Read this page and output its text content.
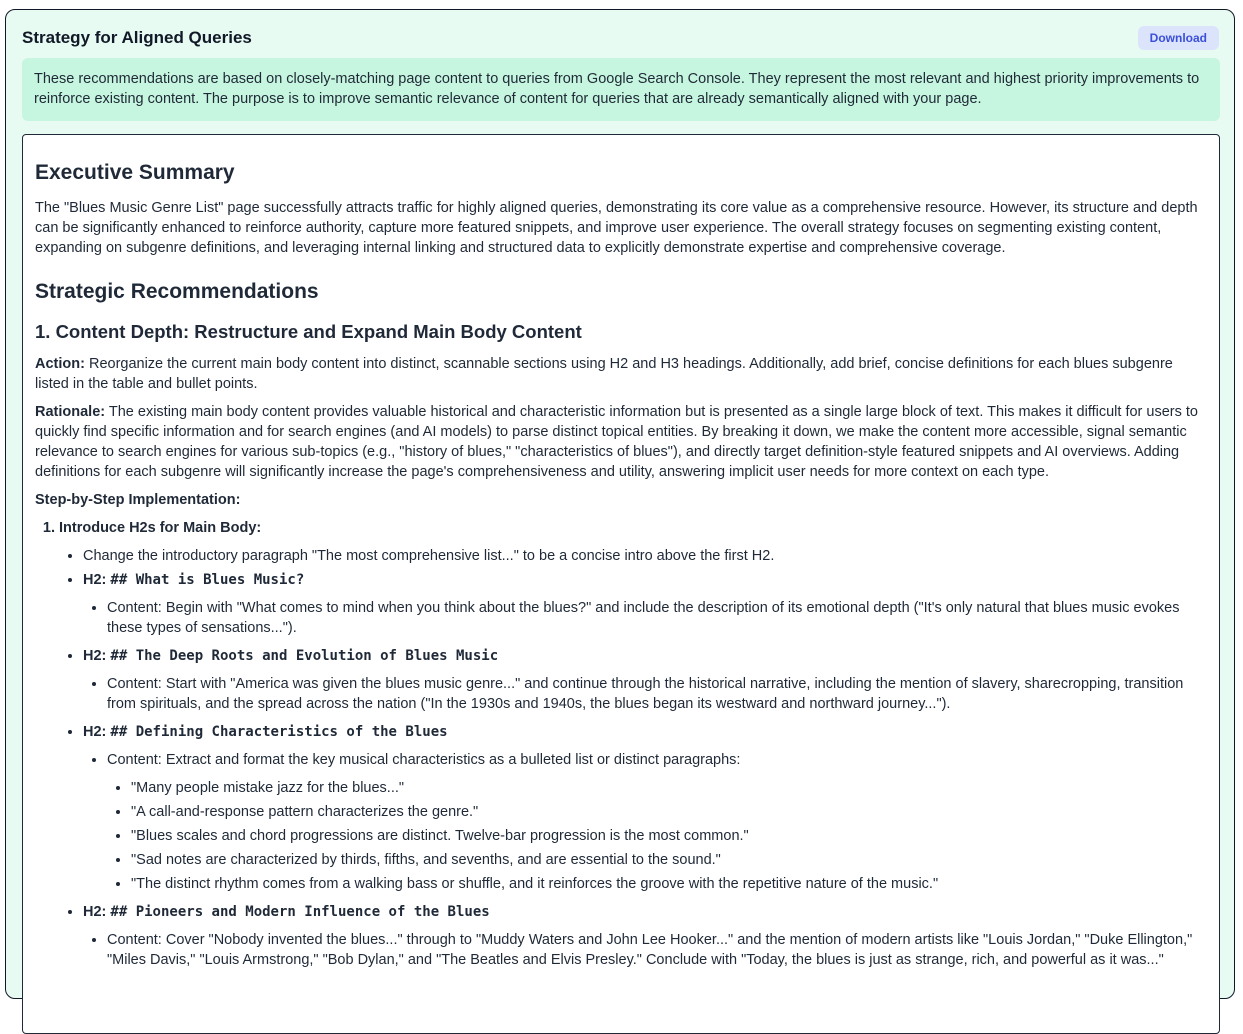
Strategy for Aligned Queries	Download
These recommendations are based on closely-matching page content to queries from Google Search Console. They represent the most relevant and highest priority improvements to reinforce existing content. The purpose is to improve semantic relevance of content for queries that are already semantically aligned with your page.
Executive Summary

The "Blues Music Genre List" page successfully attracts traffic for highly aligned queries, demonstrating its core value as a comprehensive resource. However, its structure and depth can be significantly enhanced to reinforce authority, capture more featured snippets, and improve user experience. The overall strategy focuses on segmenting existing content, expanding on subgenre definitions, and leveraging internal linking and structured data to explicitly demonstrate expertise and comprehensive coverage.

Strategic Recommendations
1. Content Depth: Restructure and Expand Main Body Content

Action: Reorganize the current main body content into distinct, scannable sections using H2 and H3 headings. Additionally, add brief, concise definitions for each blues subgenre listed in the table and bullet points.

Rationale: The existing main body content provides valuable historical and characteristic information but is presented as a single large block of text. This makes it difficult for users to quickly find specific information and for search engines (and AI models) to parse distinct topical entities. By breaking it down, we make the content more accessible, signal semantic relevance to search engines for various sub-topics (e.g., "history of blues," "characteristics of blues"), and directly target definition-style featured snippets and AI overviews. Adding definitions for each subgenre will significantly increase the page's comprehensiveness and utility, answering implicit user needs for more context on each type.

Step-by-Step Implementation:

1. Introduce H2s for Main Body:
• Change the introductory paragraph "The most comprehensive list..." to be a concise intro above the first H2.
• H2: ## What is Blues Music?
• Content: Begin with "What comes to mind when you think about the blues?" and include the description of its emotional depth ("It's only natural that blues music evokes these types of sensations...").
• H2: ## The Deep Roots and Evolution of Blues Music
• Content: Start with "America was given the blues music genre..." and continue through the historical narrative, including the mention of slavery, sharecropping, transition from spirituals, and the spread across the nation ("In the 1930s and 1940s, the blues began its westward and northward journey...").
• H2: ## Defining Characteristics of the Blues
• Content: Extract and format the key musical characteristics as a bulleted list or distinct paragraphs:
• "Many people mistake jazz for the blues..."
• "A call-and-response pattern characterizes the genre."
• "Blues scales and chord progressions are distinct. Twelve-bar progression is the most common."
• "Sad notes are characterized by thirds, fifths, and sevenths, and are essential to the sound."
• "The distinct rhythm comes from a walking bass or shuffle, and it reinforces the groove with the repetitive nature of the music."
• H2: ## Pioneers and Modern Influence of the Blues
• Content: Cover "Nobody invented the blues..." through to "Muddy Waters and John Lee Hooker..." and the mention of modern artists like "Louis Jordan," "Duke Ellington," "Miles Davis," "Louis Armstrong," "Bob Dylan," and "The Beatles and Elvis Presley." Conclude with "Today, the blues is just as strange, rich, and powerful as it was..."
